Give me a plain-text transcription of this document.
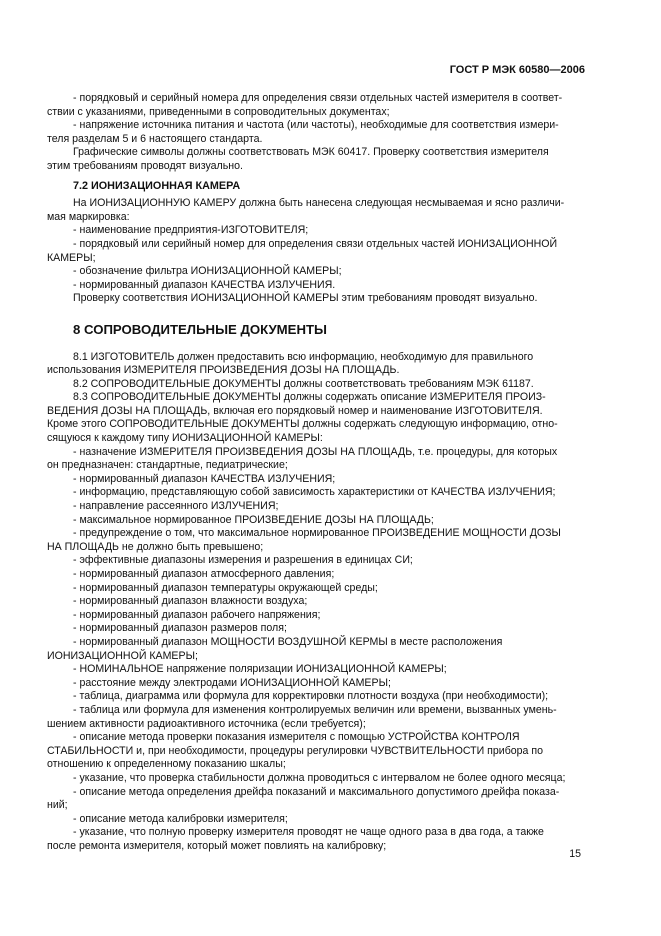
ГОСТ Р МЭК 60580—2006

- порядковый и серийный номера для определения связи отдельных частей измерителя в соответ-

ствии с указаниями, приведенными в сопроводительных документах;

- напряжение источника питания и частота (или частоты), необходимые для соответствия измери-

теля разделам 5 и 6 настоящего стандарта.

Графические символы должны соответствовать МЭК 60417. Проверку соответствия измерителя

этим требованиям проводят визуально.

7.2 ИОНИЗАЦИОННАЯ КАМЕРА

На ИОНИЗАЦИОННУЮ КАМЕРУ должна быть нанесена следующая несмываемая и ясно различи-

мая маркировка:

- наименование предприятия-ИЗГОТОВИТЕЛЯ;

- порядковый или серийный номер для определения связи отдельных частей ИОНИЗАЦИОННОЙ

КАМЕРЫ;

- обозначение фильтра ИОНИЗАЦИОННОЙ КАМЕРЫ;

- нормированный диапазон КАЧЕСТВА ИЗЛУЧЕНИЯ.

Проверку соответствия ИОНИЗАЦИОННОЙ КАМЕРЫ этим требованиям проводят визуально.

8 СОПРОВОДИТЕЛЬНЫЕ ДОКУМЕНТЫ

8.1 ИЗГОТОВИТЕЛЬ должен предоставить всю информацию, необходимую для правильного

использования ИЗМЕРИТЕЛЯ ПРОИЗВЕДЕНИЯ ДОЗЫ НА ПЛОЩАДЬ.

8.2 СОПРОВОДИТЕЛЬНЫЕ ДОКУМЕНТЫ должны соответствовать требованиям МЭК 61187.

8.3 СОПРОВОДИТЕЛЬНЫЕ ДОКУМЕНТЫ должны содержать описание ИЗМЕРИТЕЛЯ ПРОИЗ-

ВЕДЕНИЯ ДОЗЫ НА ПЛОЩАДЬ, включая его порядковый номер и наименование ИЗГОТОВИТЕЛЯ.

Кроме этого СОПРОВОДИТЕЛЬНЫЕ ДОКУМЕНТЫ должны содержать следующую информацию, отно-

сящуюся к каждому типу ИОНИЗАЦИОННОЙ КАМЕРЫ:

- назначение ИЗМЕРИТЕЛЯ ПРОИЗВЕДЕНИЯ ДОЗЫ НА ПЛОЩАДЬ, т.е. процедуры, для которых

он предназначен: стандартные, педиатрические;

- нормированный диапазон КАЧЕСТВА ИЗЛУЧЕНИЯ;

- информацию, представляющую собой зависимость характеристики от КАЧЕСТВА ИЗЛУЧЕНИЯ;

- направление рассеянного ИЗЛУЧЕНИЯ;

- максимальное нормированное ПРОИЗВЕДЕНИЕ ДОЗЫ НА ПЛОЩАДЬ;

- предупреждение о том, что максимальное нормированное ПРОИЗВЕДЕНИЕ МОЩНОСТИ ДОЗЫ

НА ПЛОЩАДЬ не должно быть превышено;

- эффективные диапазоны измерения и разрешения в единицах СИ;

- нормированный диапазон атмосферного давления;

- нормированный диапазон температуры окружающей среды;

- нормированный диапазон влажности воздуха;

- нормированный диапазон рабочего напряжения;

- нормированный диапазон размеров поля;

- нормированный диапазон МОЩНОСТИ ВОЗДУШНОЙ КЕРМЫ в месте расположения

ИОНИЗАЦИОННОЙ КАМЕРЫ;

- НОМИНАЛЬНОЕ напряжение поляризации ИОНИЗАЦИОННОЙ КАМЕРЫ;

- расстояние между электродами ИОНИЗАЦИОННОЙ КАМЕРЫ;

- таблица, диаграмма или формула для корректировки плотности воздуха (при необходимости);

- таблица или формула для изменения контролируемых величин или времени, вызванных умень-

шением активности радиоактивного источника (если требуется);

- описание метода проверки показания измерителя с помощью УСТРОЙСТВА КОНТРОЛЯ

СТАБИЛЬНОСТИ и, при необходимости, процедуры регулировки ЧУВСТВИТЕЛЬНОСТИ прибора по

отношению к определенному показанию шкалы;

- указание, что проверка стабильности должна проводиться с интервалом не более одного месяца;

- описание метода определения дрейфа показаний и максимального допустимого дрейфа показа-

ний;

- описание метода калибровки измерителя;

- указание, что полную проверку измерителя проводят не чаще одного раза в два года, а также

после ремонта измерителя, который может повлиять на калибровку;

15
